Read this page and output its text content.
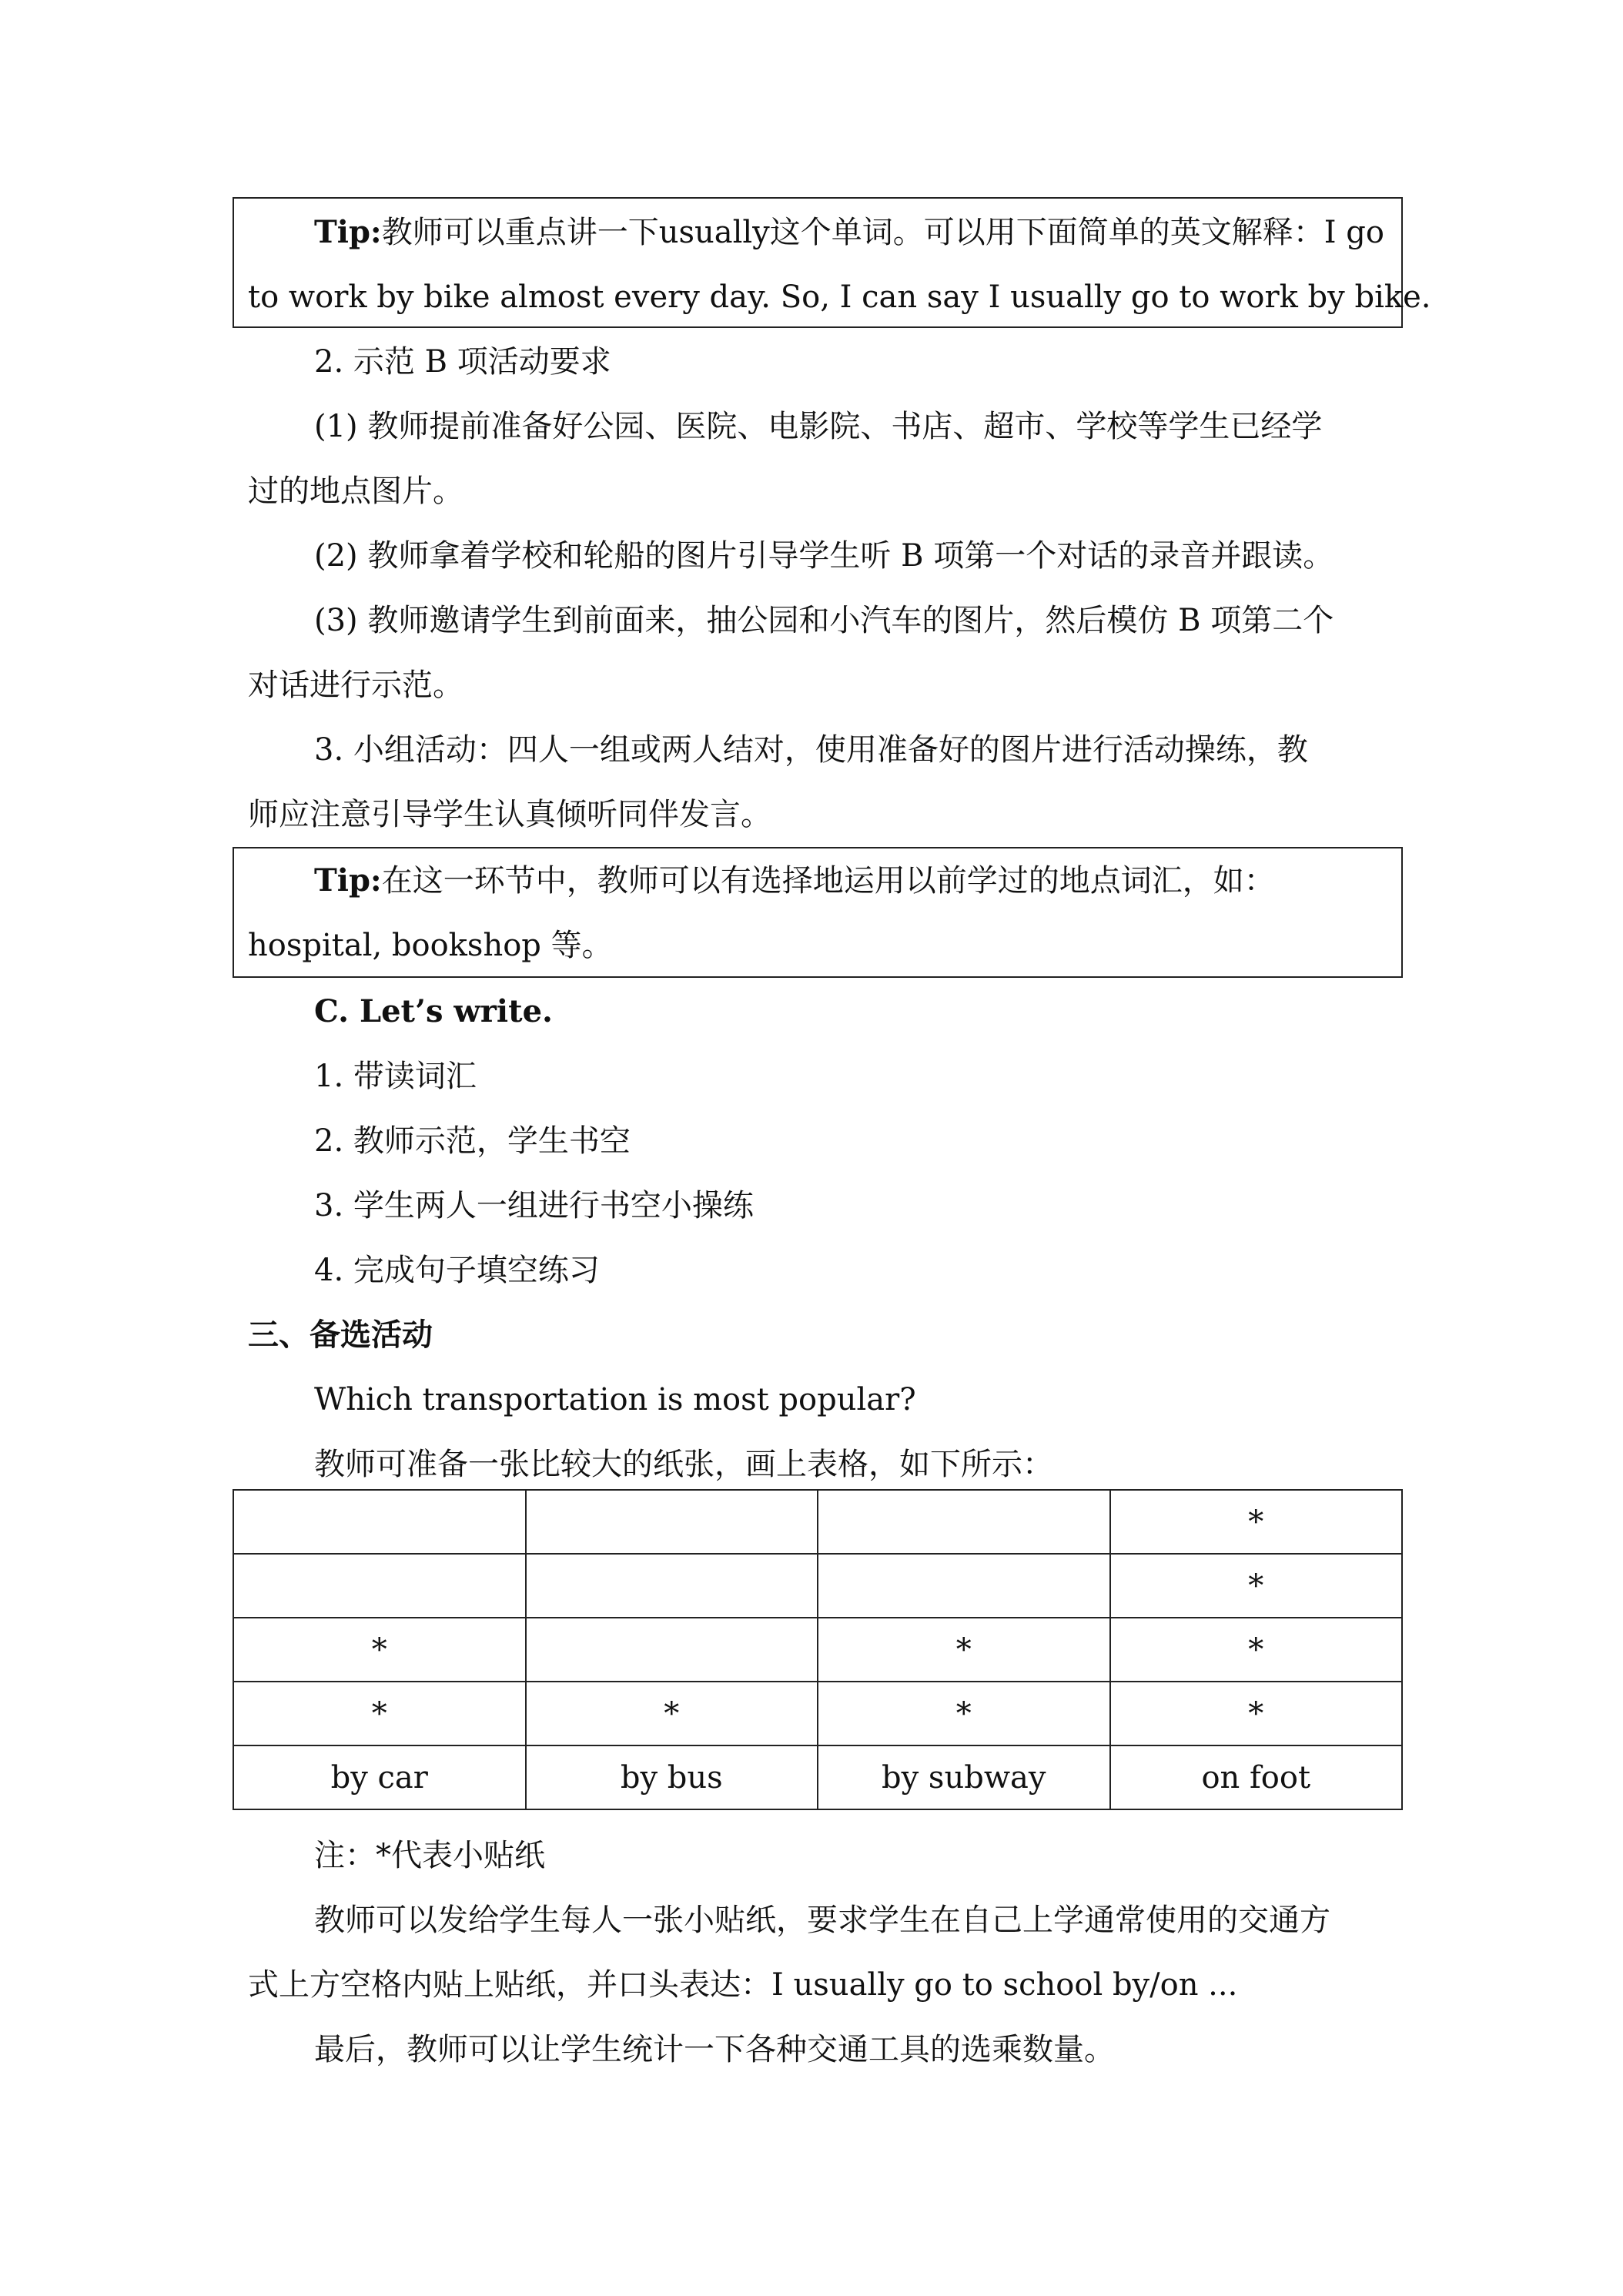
Tip:教师可以重点讲一下usually这个单词。可以用下面简单的英文解释：I go
to work by bike almost every day. So, I can say I usually go to work by bike.
2. 示范 B 项活动要求
(1) 教师提前准备好公园、医院、电影院、书店、超市、学校等学生已经学
过的地点图片。
(2) 教师拿着学校和轮船的图片引导学生听 B 项第一个对话的录音并跟读。
(3) 教师邀请学生到前面来，抽公园和小汽车的图片，然后模仿 B 项第二个
对话进行示范。
3. 小组活动：四人一组或两人结对，使用准备好的图片进行活动操练，教
师应注意引导学生认真倾听同伴发言。
Tip:在这一环节中，教师可以有选择地运用以前学过的地点词汇，如：
hospital, bookshop 等。
C. Let’s write.
1. 带读词汇
2. 教师示范，学生书空
3. 学生两人一组进行书空小操练
4. 完成句子填空练习
三、备选活动
Which transportation is most popular?
教师可准备一张比较大的纸张，画上表格，如下所示：
			*
			*
*		*	*
*	*	*	*
by car	by bus	by subway	on foot
注：*代表小贴纸
教师可以发给学生每人一张小贴纸，要求学生在自己上学通常使用的交通方
式上方空格内贴上贴纸，并口头表达：I usually go to school by/on ...
最后，教师可以让学生统计一下各种交通工具的选乘数量。
